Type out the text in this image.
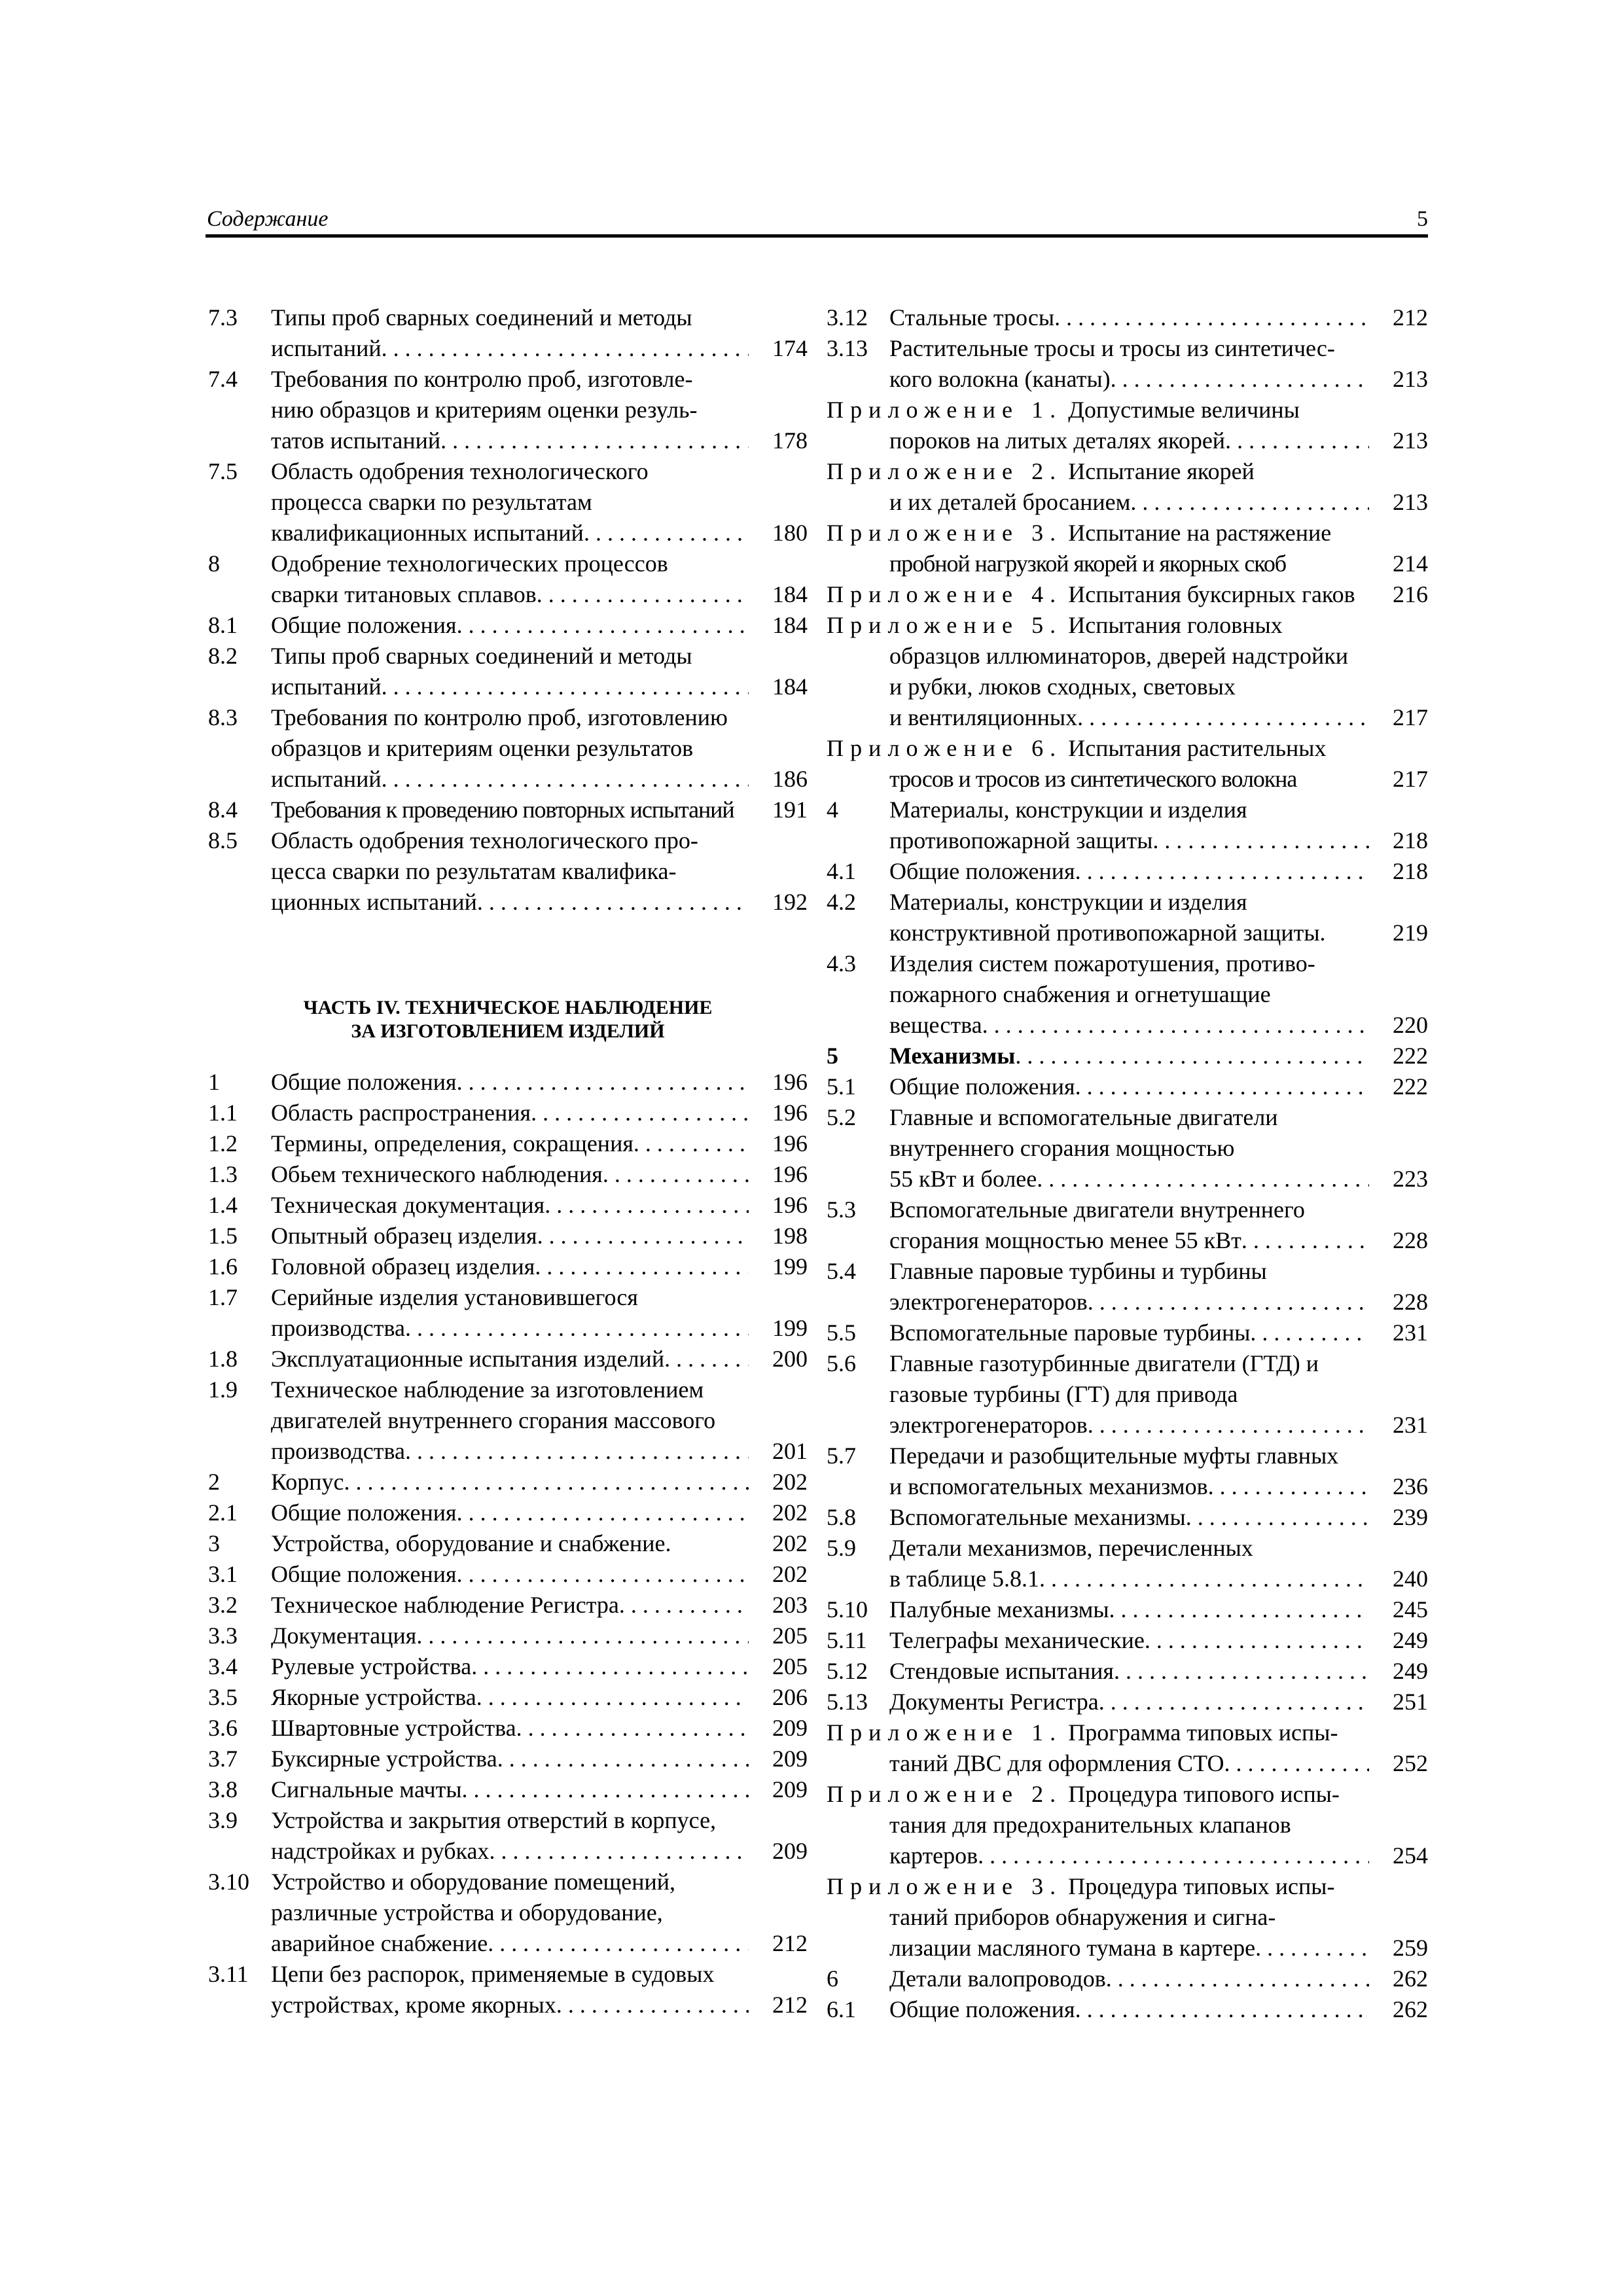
Содержание	5
7.3 Типы проб сварных соединений и методы
испытаний . . .	174
7.4 Требования по контролю проб, изготовле-
нию образцов и критериям оценки резуль-
татов испытаний . . .	178
7.5 Область одобрения технологического
процесса сварки по результатам
квалификационных испытаний . . .	180
8 Одобрение технологических процессов
сварки титановых сплавов . . .	184
8.1 Общие положения . . .	184
8.2 Типы проб сварных соединений и методы
испытаний . . .	184
8.3 Требования по контролю проб, изготовлению
образцов и критериям оценки результатов
испытаний . . .	186
8.4 Требования к проведению повторных испытаний	191
8.5 Область одобрения технологического про-
цесса сварки по результатам квалифика-
ционных испытаний . . .	192
ЧАСТЬ IV. ТЕХНИЧЕСКОЕ НАБЛЮДЕНИЕ
ЗА ИЗГОТОВЛЕНИЕМ ИЗДЕЛИЙ
1 Общие положения . . .	196
1.1 Область распространения . . .	196
1.2 Термины, определения, сокращения . . .	196
1.3 Обьем технического наблюдения . . .	196
1.4 Техническая документация . . .	196
1.5 Опытный образец изделия . . .	198
1.6 Головной образец изделия . . .	199
1.7 Серийные изделия установившегося
производства . . .	199
1.8 Эксплуатационные испытания изделий . . .	200
1.9 Техническое наблюдение за изготовлением
двигателей внутреннего сгорания массового
производства . . .	201
2 Корпус . . .	202
2.1 Общие положения . . .	202
3 Устройства, оборудование и снабжение.	202
3.1 Общие положения . . .	202
3.2 Техническое наблюдение Регистра . . .	203
3.3 Документация . . .	205
3.4 Рулевые устройства . . .	205
3.5 Якорные устройства . . .	206
3.6 Швартовные устройства . . .	209
3.7 Буксирные устройства . . .	209
3.8 Сигнальные мачты . . .	209
3.9 Устройства и закрытия отверстий в корпусе,
надстройках и рубках . . .	209
3.10 Устройство и оборудование помещений,
различные устройства и оборудование,
аварийное снабжение . . .	212
3.11 Цепи без распорок, применяемые в судовых
устройствах, кроме якорных . . .	212
3.12 Стальные тросы . . .	212
3.13 Растительные тросы и тросы из синтетичес-
кого волокна (канаты) . . .	213
Приложение 1. Допустимые величины
пороков на литых деталях якорей . . .	213
Приложение 2. Испытание якорей
и их деталей бросанием . . .	213
Приложение 3. Испытание на растяжение
пробной нагрузкой якорей и якорных скоб	214
Приложение 4. Испытания буксирных гаков	216
Приложение 5. Испытания головных
образцов иллюминаторов, дверей надстройки
и рубки, люков сходных, световых
и вентиляционных . . .	217
Приложение 6. Испытания растительных
тросов и тросов из синтетического волокна	217
4 Материалы, конструкции и изделия
противопожарной защиты . . .	218
4.1 Общие положения . . .	218
4.2 Материалы, конструкции и изделия
конструктивной противопожарной защиты.	219
4.3 Изделия систем пожаротушения, противо-
пожарного снабжения и огнетушащие
вещества . . .	220
5 Механизмы . . .	222
5.1 Общие положения . . .	222
5.2 Главные и вспомогательные двигатели
внутреннего сгорания мощностью
55 кВт и более . . .	223
5.3 Вспомогательные двигатели внутреннего
сгорания мощностью менее 55 кВт . . .	228
5.4 Главные паровые турбины и турбины
электрогенераторов . . .	228
5.5 Вспомогательные паровые турбины . . .	231
5.6 Главные газотурбинные двигатели (ГТД) и
газовые турбины (ГТ) для привода
электрогенераторов . . .	231
5.7 Передачи и разобщительные муфты главных
и вспомогательных механизмов . . .	236
5.8 Вспомогательные механизмы . . .	239
5.9 Детали механизмов, перечисленных
в таблице 5.8.1 . . .	240
5.10 Палубные механизмы . . .	245
5.11 Телеграфы механические . . .	249
5.12 Стендовые испытания . . .	249
5.13 Документы Регистра . . .	251
Приложение 1. Программа типовых испы-
таний ДВС для оформления СТО . . .	252
Приложение 2. Процедура типового испы-
тания для предохранительных клапанов
картеров . . .	254
Приложение 3. Процедура типовых испы-
таний приборов обнаружения и сигна-
лизации масляного тумана в картере . . .	259
6 Детали валопроводов . . .	262
6.1 Общие положения . . .	262
